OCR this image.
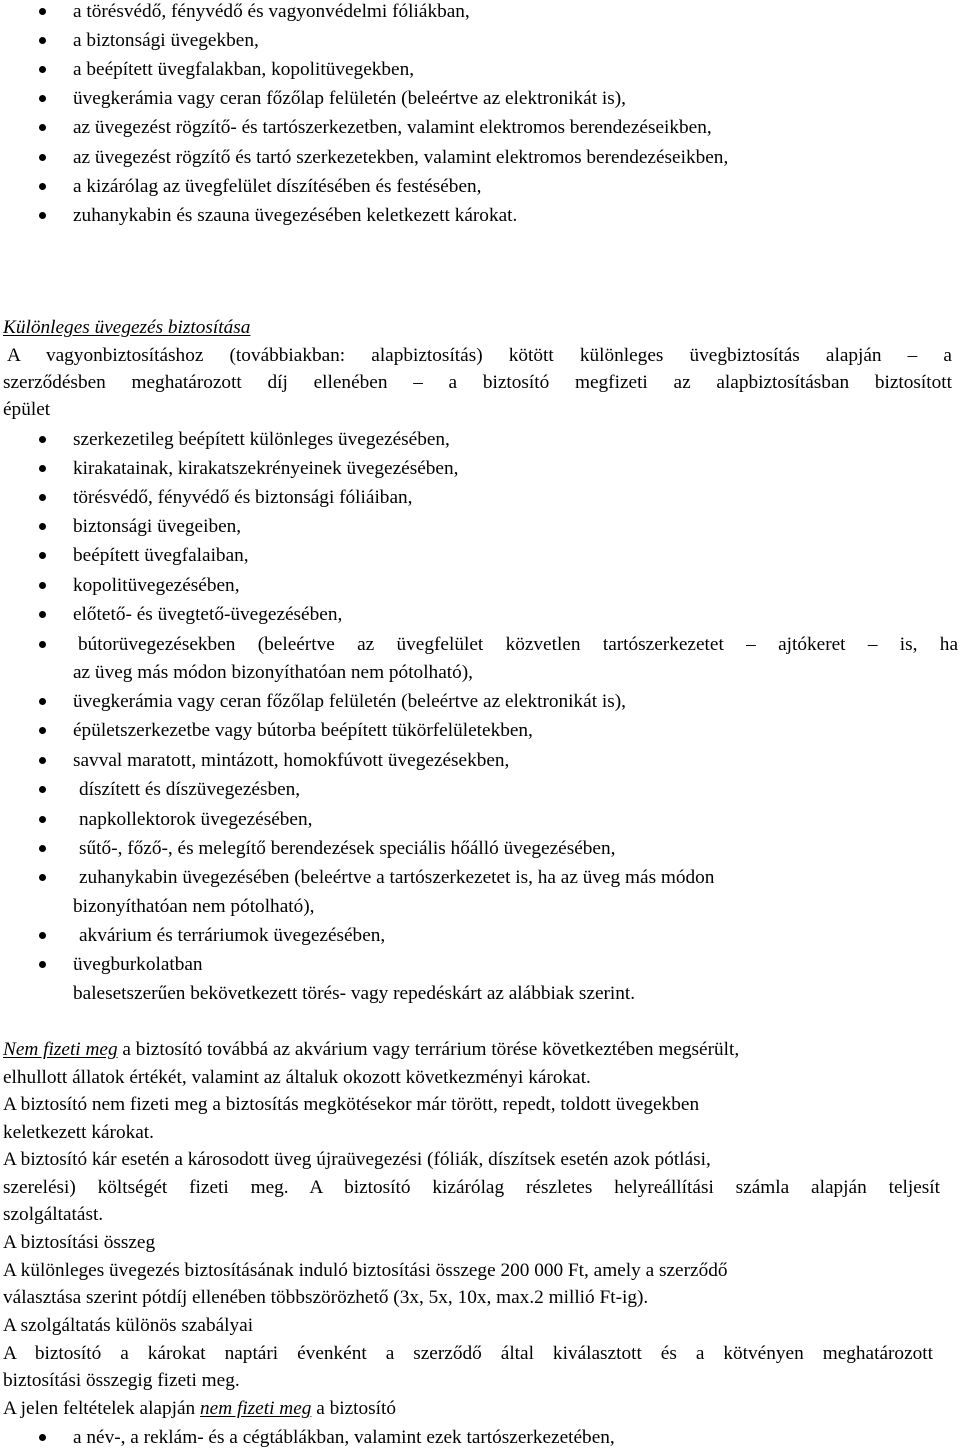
a törésvédő, fényvédő és vagyonvédelmi fóliákban,
a biztonsági üvegekben,
a beépített üvegfalakban, kopolitüvegekben,
üvegkerámia vagy ceran főzőlap felületén (beleértve az elektronikát is),
az üvegezést rögzítő- és tartószerkezetben, valamint elektromos berendezéseikben,
az üvegezést rögzítő és tartó szerkezetekben, valamint elektromos berendezéseikben,
a kizárólag az üvegfelület díszítésében és festésében,
zuhanykabin és szauna üvegezésében keletkezett károkat.
Különleges üvegezés biztosítása
A vagyonbiztosításhoz (továbbiakban: alapbiztosítás) kötött különleges üvegbiztosítás alapján – a
szerződésben meghatározott díj ellenében – a biztosító megfizeti az alapbiztosításban biztosított
épület
szerkezetileg beépített különleges üvegezésében,
kirakatainak, kirakatszekrényeinek üvegezésében,
törésvédő, fényvédő és biztonsági fóliáiban,
biztonsági üvegeiben,
beépített üvegfalaiban,
kopolitüvegezésében,
előtető- és üvegtető-üvegezésében,
bútorüvegezésekben (beleértve az üvegfelület közvetlen tartószerkezetet – ajtókeret – is, ha
az üveg más módon bizonyíthatóan nem pótolható),
üvegkerámia vagy ceran főzőlap felületén (beleértve az elektronikát is),
épületszerkezetbe vagy bútorba beépített tükörfelületekben,
savval maratott, mintázott, homokfúvott üvegezésekben,
díszített és díszüvegezésben,
napkollektorok üvegezésében,
sűtő-, főző-, és melegítő berendezések speciális hőálló üvegezésében,
zuhanykabin üvegezésében (beleértve a tartószerkezetet is, ha az üveg más módon
bizonyíthatóan nem pótolható),
akvárium és terráriumok üvegezésében,
üvegburkolatban
balesetszerűen bekövetkezett törés- vagy repedéskárt az alábbiak szerint.
Nem fizeti meg a biztosító továbbá az akvárium vagy terrárium törése következtében megsérült,
elhullott állatok értékét, valamint az általuk okozott következményi károkat.
A biztosító nem fizeti meg a biztosítás megkötésekor már törött, repedt, toldott üvegekben
keletkezett károkat.
A biztosító kár esetén a károsodott üveg újraüvegezési (fóliák, díszítsek esetén azok pótlási,
szerelési) költségét fizeti meg. A biztosító kizárólag részletes helyreállítási számla alapján teljesít
szolgáltatást.
A biztosítási összeg
A különleges üvegezés biztosításának induló biztosítási összege 200 000 Ft, amely a szerződő
választása szerint pótdíj ellenében többszörözhető (3x, 5x, 10x, max.2 millió Ft-ig).
A szolgáltatás különös szabályai
A biztosító a károkat naptári évenként a szerződő által kiválasztott és a kötvényen meghatározott
biztosítási összegig fizeti meg.
A jelen feltételek alapján nem fizeti meg a biztosító
a név-, a reklám- és a cégtáblákban, valamint ezek tartószerkezetében,
